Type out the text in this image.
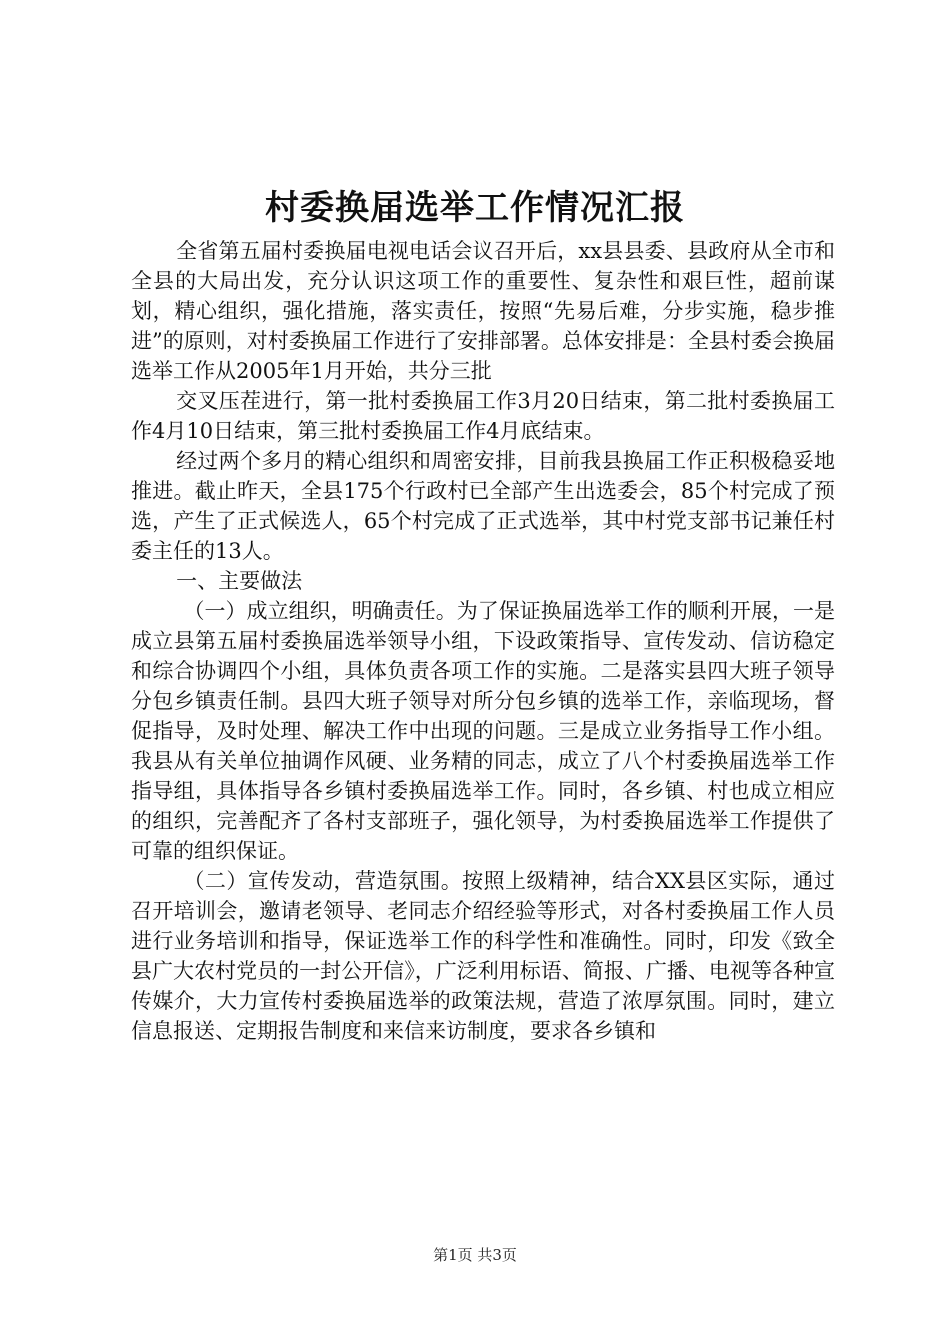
村委换届选举工作情况汇报

全省第五届村委换届电视电话会议召开后，xx县县委、县政府从全市和全县的大局出发，充分认识这项工作的重要性、复杂性和艰巨性，超前谋划，精心组织，强化措施，落实责任，按照“先易后难，分步实施，稳步推进”的原则，对村委换届工作进行了安排部署。总体安排是：全县村委会换届选举工作从2005年1月开始，共分三批

交叉压茬进行，第一批村委换届工作3月20日结束，第二批村委换届工作4月10日结束，第三批村委换届工作4月底结束。

经过两个多月的精心组织和周密安排，目前我县换届工作正积极稳妥地推进。截止昨天，全县175个行政村已全部产生出选委会，85个村完成了预选，产生了正式候选人，65个村完成了正式选举，其中村党支部书记兼任村委主任的13人。

一、主要做法

（一）成立组织，明确责任。为了保证换届选举工作的顺利开展，一是成立县第五届村委换届选举领导小组，下设政策指导、宣传发动、信访稳定和综合协调四个小组，具体负责各项工作的实施。二是落实县四大班子领导分包乡镇责任制。县四大班子领导对所分包乡镇的选举工作，亲临现场，督促指导，及时处理、解决工作中出现的问题。三是成立业务指导工作小组。我县从有关单位抽调作风硬、业务精的同志，成立了八个村委换届选举工作指导组，具体指导各乡镇村委换届选举工作。同时，各乡镇、村也成立相应的组织，完善配齐了各村支部班子，强化领导，为村委换届选举工作提供了可靠的组织保证。

（二）宣传发动，营造氛围。按照上级精神，结合XX县区实际，通过召开培训会，邀请老领导、老同志介绍经验等形式，对各村委换届工作人员进行业务培训和指导，保证选举工作的科学性和准确性。同时，印发《致全县广大农村党员的一封公开信》，广泛利用标语、简报、广播、电视等各种宣传媒介，大力宣传村委换届选举的政策法规，营造了浓厚氛围。同时，建立信息报送、定期报告制度和来信来访制度，要求各乡镇和

第1页 共3页
